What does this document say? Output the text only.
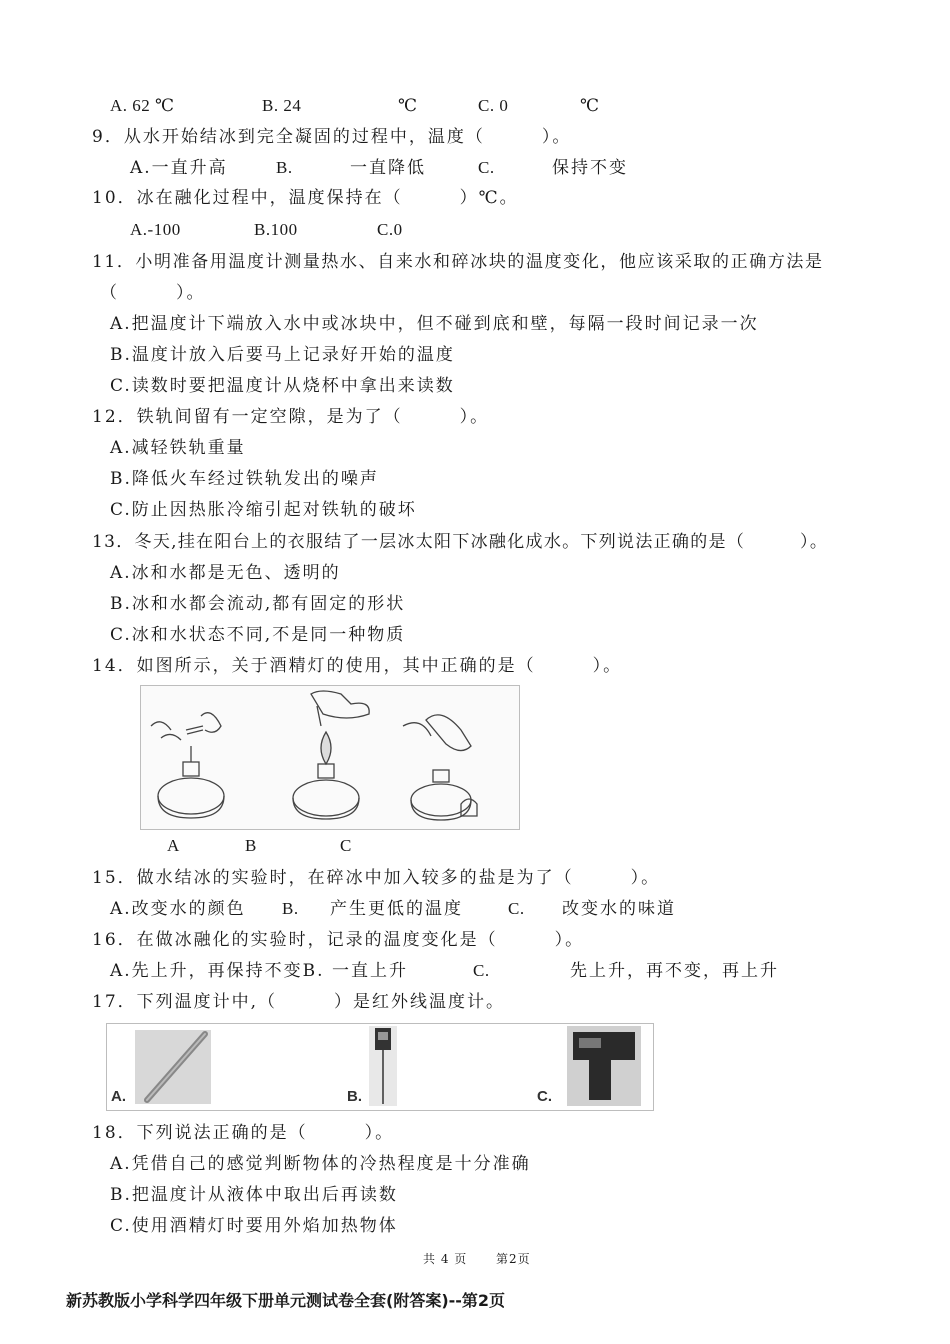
A. 62 ℃	B. 24	℃	C. 0	℃
9．从水开始结冰到完全凝固的过程中，温度（　　　）。
A.一直升高	B.	一直降低	C.	保持不变
10．冰在融化过程中，温度保持在（　　　）℃。
A.-100	B.100	C.0
11．小明准备用温度计测量热水、自来水和碎冰块的温度变化，他应该采取的正确方法是
（　　　）。
A.把温度计下端放入水中或冰块中，但不碰到底和壁，每隔一段时间记录一次
B.温度计放入后要马上记录好开始的温度
C.读数时要把温度计从烧杯中拿出来读数
12．铁轨间留有一定空隙，是为了（　　　）。
A.减轻铁轨重量
B.降低火车经过铁轨发出的噪声
C.防止因热胀冷缩引起对铁轨的破坏
13．冬天,挂在阳台上的衣服结了一层冰太阳下冰融化成水。下列说法正确的是（　　　）。
A.冰和水都是无色、透明的
B.冰和水都会流动,都有固定的形状
C.冰和水状态不同,不是同一种物质
14．如图所示，关于酒精灯的使用，其中正确的是（　　　）。
A	B	C
15．做水结冰的实验时，在碎冰中加入较多的盐是为了（　　　）。
A.改变水的颜色 B. 产生更低的温度	C. 改变水的味道
16．在做冰融化的实验时，记录的温度变化是（　　　）。
A.先上升，再保持不变B. 一直上升	C.	先上升，再不变，再上升
17．下列温度计中,（　　　）是红外线温度计。
A.	B.	C.
18．下列说法正确的是（　　　）。
A.凭借自己的感觉判断物体的冷热程度是十分准确
B.把温度计从液体中取出后再读数
C.使用酒精灯时要用外焰加热物体
共 4 页 第2页
新苏教版小学科学四年级下册单元测试卷全套(附答案)--第2页
